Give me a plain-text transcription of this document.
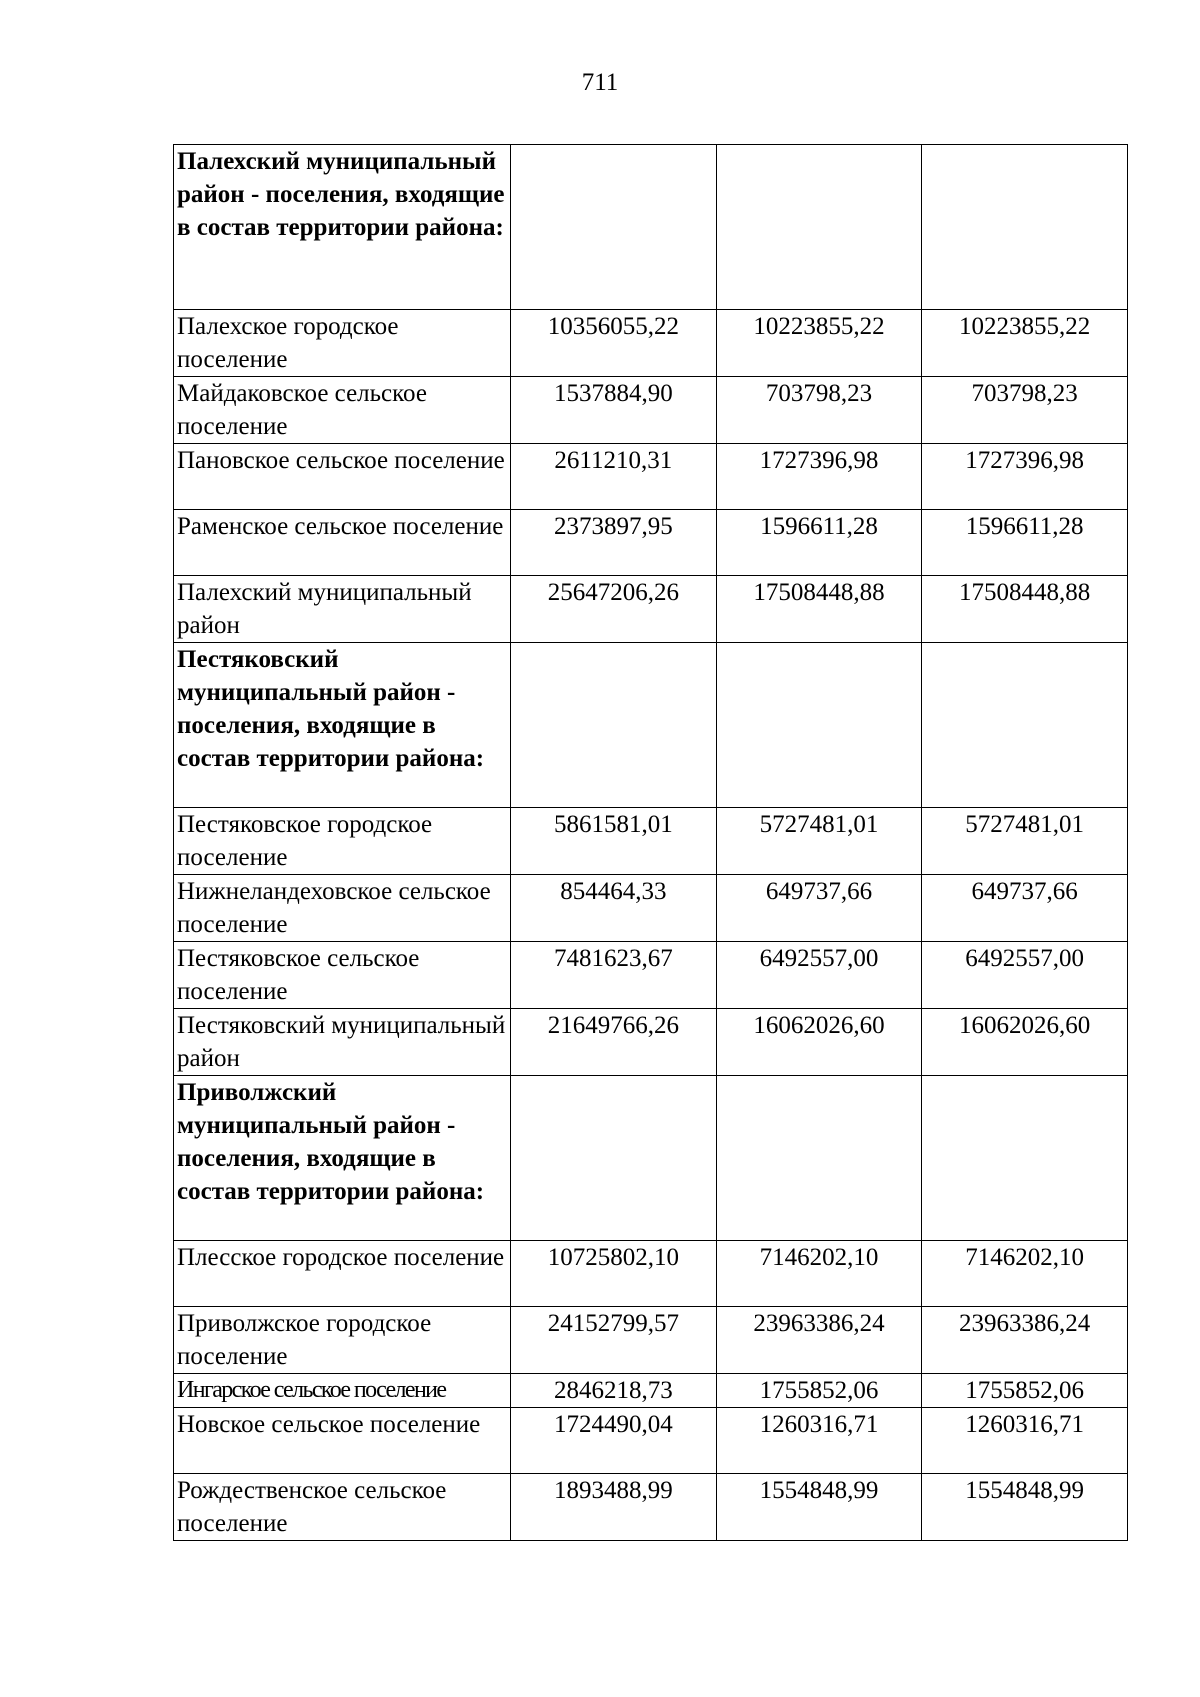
711
Палехский муниципальный район - поселения, входящие в состав территории района:			
Палехское городское поселение	10356055,22	10223855,22	10223855,22
Майдаковское сельское поселение	1537884,90	703798,23	703798,23
Пановское сельское поселение	2611210,31	1727396,98	1727396,98
Раменское сельское поселение	2373897,95	1596611,28	1596611,28
Палехский муниципальный район	25647206,26	17508448,88	17508448,88
Пестяковский муниципальный район - поселения, входящие в состав территории района:			
Пестяковское городское поселение	5861581,01	5727481,01	5727481,01
Нижнеландеховское сельское поселение	854464,33	649737,66	649737,66
Пестяковское сельское поселение	7481623,67	6492557,00	6492557,00
Пестяковский муниципальный район	21649766,26	16062026,60	16062026,60
Приволжский муниципальный район - поселения, входящие в состав территории района:			
Плесское городское поселение	10725802,10	7146202,10	7146202,10
Приволжское городское поселение	24152799,57	23963386,24	23963386,24
Ингарское сельское поселение	2846218,73	1755852,06	1755852,06
Новское сельское поселение	1724490,04	1260316,71	1260316,71
Рождественское сельское поселение	1893488,99	1554848,99	1554848,99
